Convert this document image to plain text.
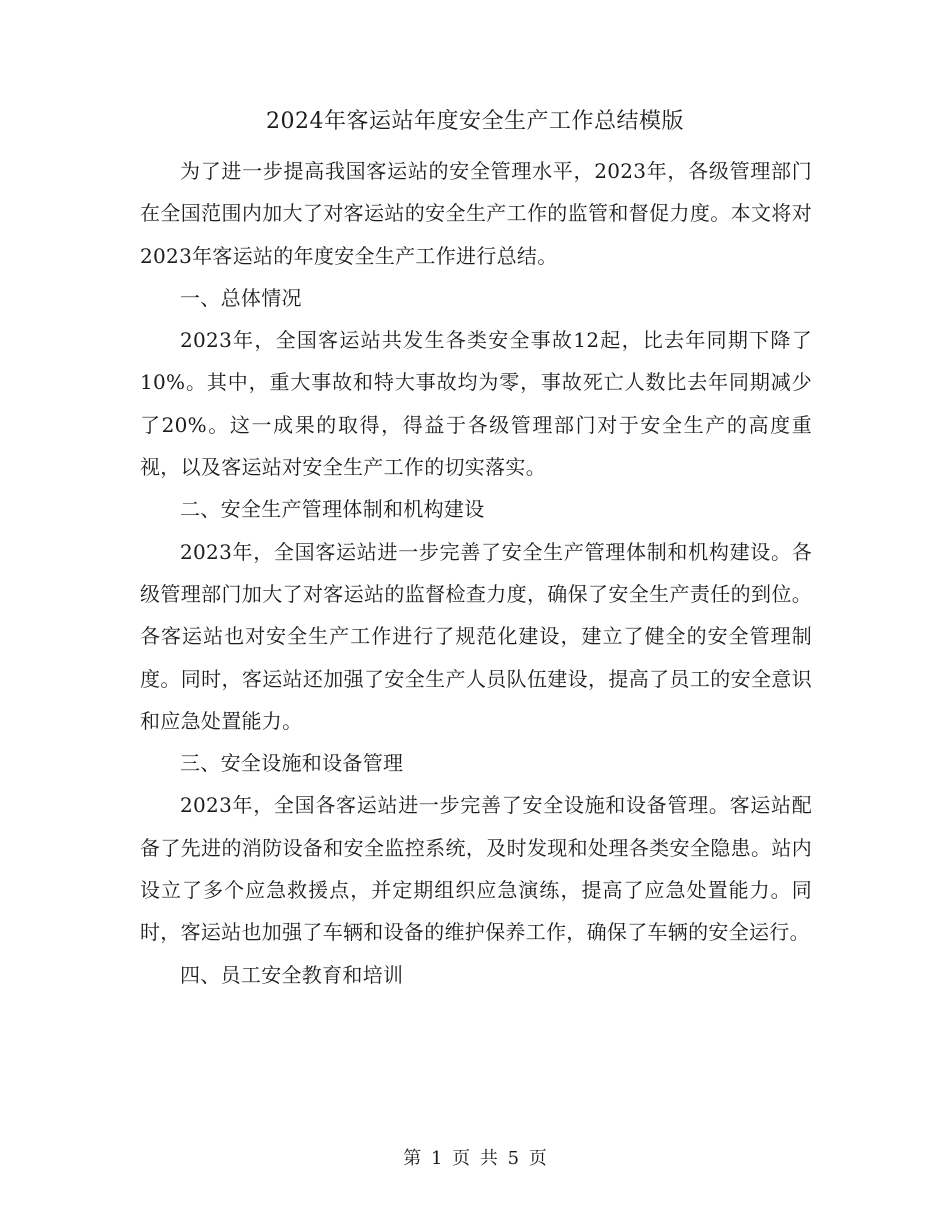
2024年客运站年度安全生产工作总结模版

为了进一步提高我国客运站的安全管理水平，2023年，各级管理部门在全国范围内加大了对客运站的安全生产工作的监管和督促力度。本文将对2023年客运站的年度安全生产工作进行总结。

一、总体情况

2023年，全国客运站共发生各类安全事故12起，比去年同期下降了10%。其中，重大事故和特大事故均为零，事故死亡人数比去年同期减少了20%。这一成果的取得，得益于各级管理部门对于安全生产的高度重视，以及客运站对安全生产工作的切实落实。

二、安全生产管理体制和机构建设

2023年，全国客运站进一步完善了安全生产管理体制和机构建设。各级管理部门加大了对客运站的监督检查力度，确保了安全生产责任的到位。各客运站也对安全生产工作进行了规范化建设，建立了健全的安全管理制度。同时，客运站还加强了安全生产人员队伍建设，提高了员工的安全意识和应急处置能力。

三、安全设施和设备管理

2023年，全国各客运站进一步完善了安全设施和设备管理。客运站配备了先进的消防设备和安全监控系统，及时发现和处理各类安全隐患。站内设立了多个应急救援点，并定期组织应急演练，提高了应急处置能力。同时，客运站也加强了车辆和设备的维护保养工作，确保了车辆的安全运行。

四、员工安全教育和培训

第 1 页 共 5 页
